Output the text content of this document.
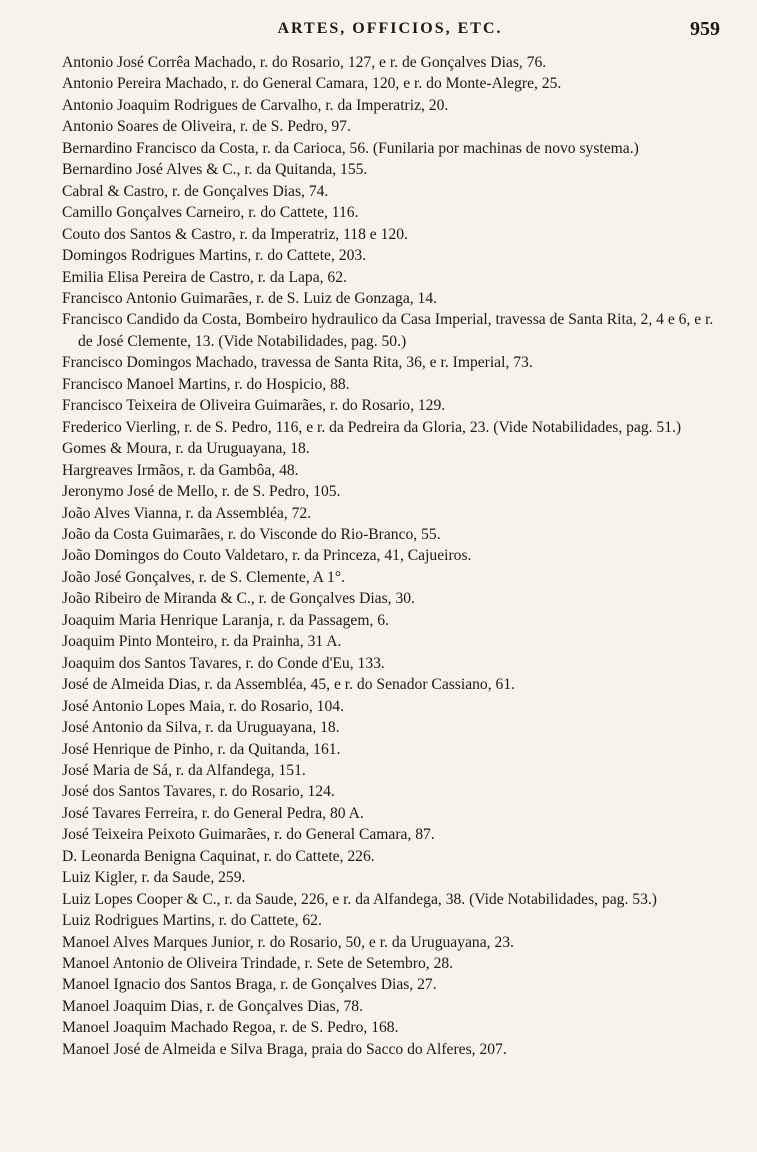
ARTES, OFFICIOS, ETC.	959

Antonio José Corrêa Machado, r. do Rosario, 127, e r. de Gonçalves Dias, 76.

Antonio Pereira Machado, r. do General Camara, 120, e r. do Monte-Alegre, 25.

Antonio Joaquim Rodrigues de Carvalho, r. da Imperatriz, 20.

Antonio Soares de Oliveira, r. de S. Pedro, 97.

Bernardino Francisco da Costa, r. da Carioca, 56. (Funilaria por machinas de novo systema.)

Bernardino José Alves & C., r. da Quitanda, 155.

Cabral & Castro, r. de Gonçalves Dias, 74.

Camillo Gonçalves Carneiro, r. do Cattete, 116.

Couto dos Santos & Castro, r. da Imperatriz, 118 e 120.

Domingos Rodrigues Martins, r. do Cattete, 203.

Emilia Elisa Pereira de Castro, r. da Lapa, 62.

Francisco Antonio Guimarães, r. de S. Luiz de Gonzaga, 14.

Francisco Candido da Costa, Bombeiro hydraulico da Casa Imperial, travessa de Santa Rita, 2, 4 e 6, e r. de José Clemente, 13. (Vide Notabilidades, pag. 50.)

Francisco Domingos Machado, travessa de Santa Rita, 36, e r. Imperial, 73.

Francisco Manoel Martins, r. do Hospicio, 88.

Francisco Teixeira de Oliveira Guimarães, r. do Rosario, 129.

Frederico Vierling, r. de S. Pedro, 116, e r. da Pedreira da Gloria, 23. (Vide Notabilidades, pag. 51.)

Gomes & Moura, r. da Uruguayana, 18.

Hargreaves Irmãos, r. da Gambôa, 48.

Jeronymo José de Mello, r. de S. Pedro, 105.

João Alves Vianna, r. da Assembléa, 72.

João da Costa Guimarães, r. do Visconde do Rio-Branco, 55.

João Domingos do Couto Valdetaro, r. da Princeza, 41, Cajueiros.

João José Gonçalves, r. de S. Clemente, A 1°.

João Ribeiro de Miranda & C., r. de Gonçalves Dias, 30.

Joaquim Maria Henrique Laranja, r. da Passagem, 6.

Joaquim Pinto Monteiro, r. da Prainha, 31 A.

Joaquim dos Santos Tavares, r. do Conde d'Eu, 133.

José de Almeida Dias, r. da Assembléa, 45, e r. do Senador Cassiano, 61.

José Antonio Lopes Maia, r. do Rosario, 104.

José Antonio da Silva, r. da Uruguayana, 18.

José Henrique de Pinho, r. da Quitanda, 161.

José Maria de Sá, r. da Alfandega, 151.

José dos Santos Tavares, r. do Rosario, 124.

José Tavares Ferreira, r. do General Pedra, 80 A.

José Teixeira Peixoto Guimarães, r. do General Camara, 87.

D. Leonarda Benigna Caquinat, r. do Cattete, 226.

Luiz Kigler, r. da Saude, 259.

Luiz Lopes Cooper & C., r. da Saude, 226, e r. da Alfandega, 38. (Vide Notabilidades, pag. 53.)

Luiz Rodrigues Martins, r. do Cattete, 62.

Manoel Alves Marques Junior, r. do Rosario, 50, e r. da Uruguayana, 23.

Manoel Antonio de Oliveira Trindade, r. Sete de Setembro, 28.

Manoel Ignacio dos Santos Braga, r. de Gonçalves Dias, 27.

Manoel Joaquim Dias, r. de Gonçalves Dias, 78.

Manoel Joaquim Machado Regoa, r. de S. Pedro, 168.

Manoel José de Almeida e Silva Braga, praia do Sacco do Alferes, 207.
